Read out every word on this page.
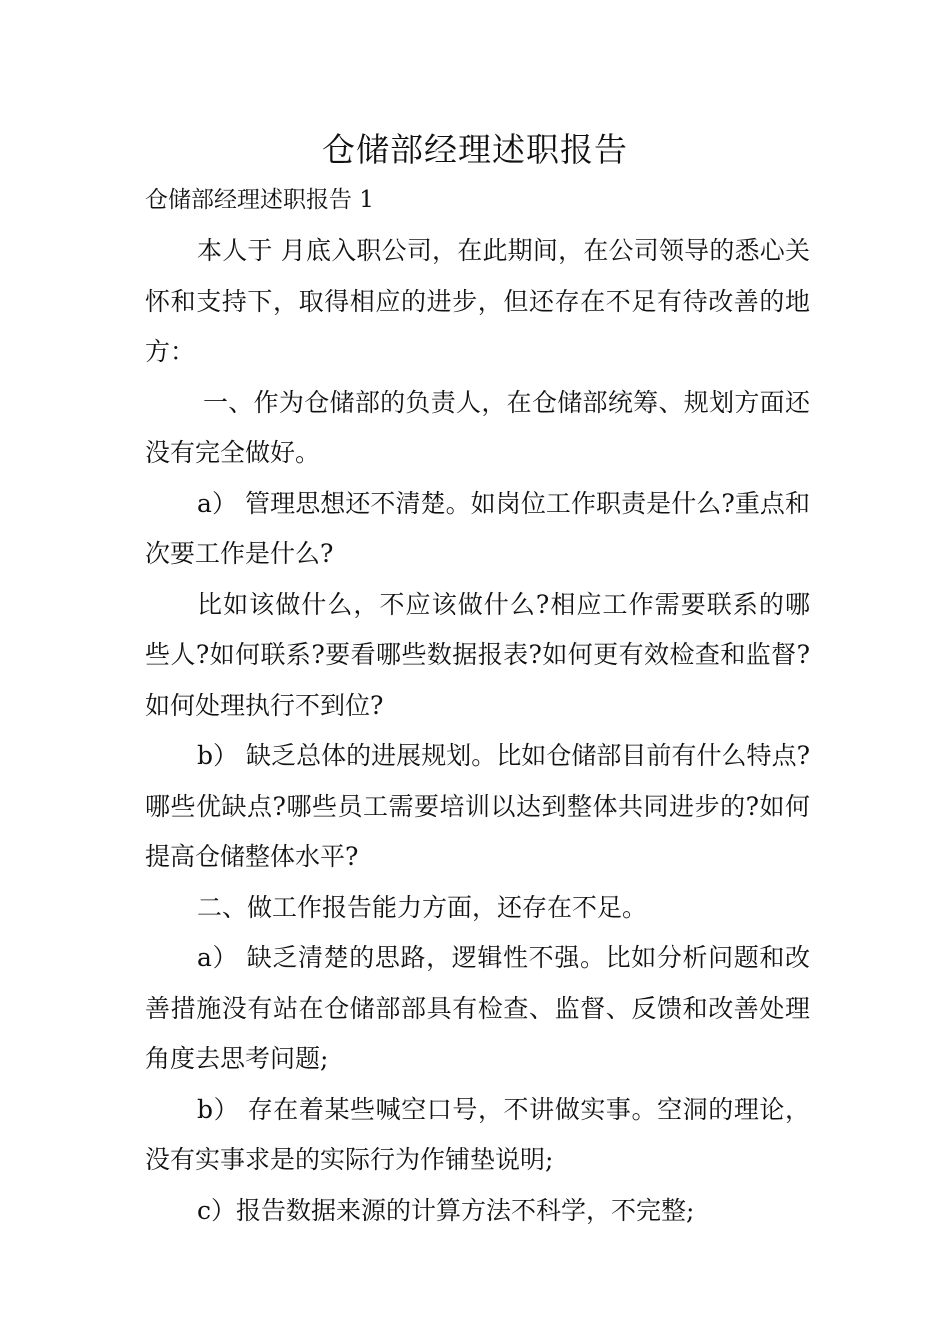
仓储部经理述职报告
仓储部经理述职报告 1

本人于 月底入职公司，在此期间，在公司领导的悉心关怀和支持下，取得相应的进步，但还存在不足有待改善的地方：

一、作为仓储部的负责人，在仓储部统筹、规划方面还没有完全做好。

a） 管理思想还不清楚。如岗位工作职责是什么?重点和次要工作是什么?

比如该做什么，不应该做什么?相应工作需要联系的哪些人?如何联系?要看哪些数据报表?如何更有效检查和监督?如何处理执行不到位?

b） 缺乏总体的进展规划。比如仓储部目前有什么特点?哪些优缺点?哪些员工需要培训以达到整体共同进步的?如何提高仓储整体水平?

二、做工作报告能力方面，还存在不足。

a） 缺乏清楚的思路，逻辑性不强。比如分析问题和改善措施没有站在仓储部部具有检查、监督、反馈和改善处理角度去思考问题;

b） 存在着某些喊空口号，不讲做实事。空洞的理论，没有实事求是的实际行为作铺垫说明;

c）报告数据来源的计算方法不科学，不完整;
